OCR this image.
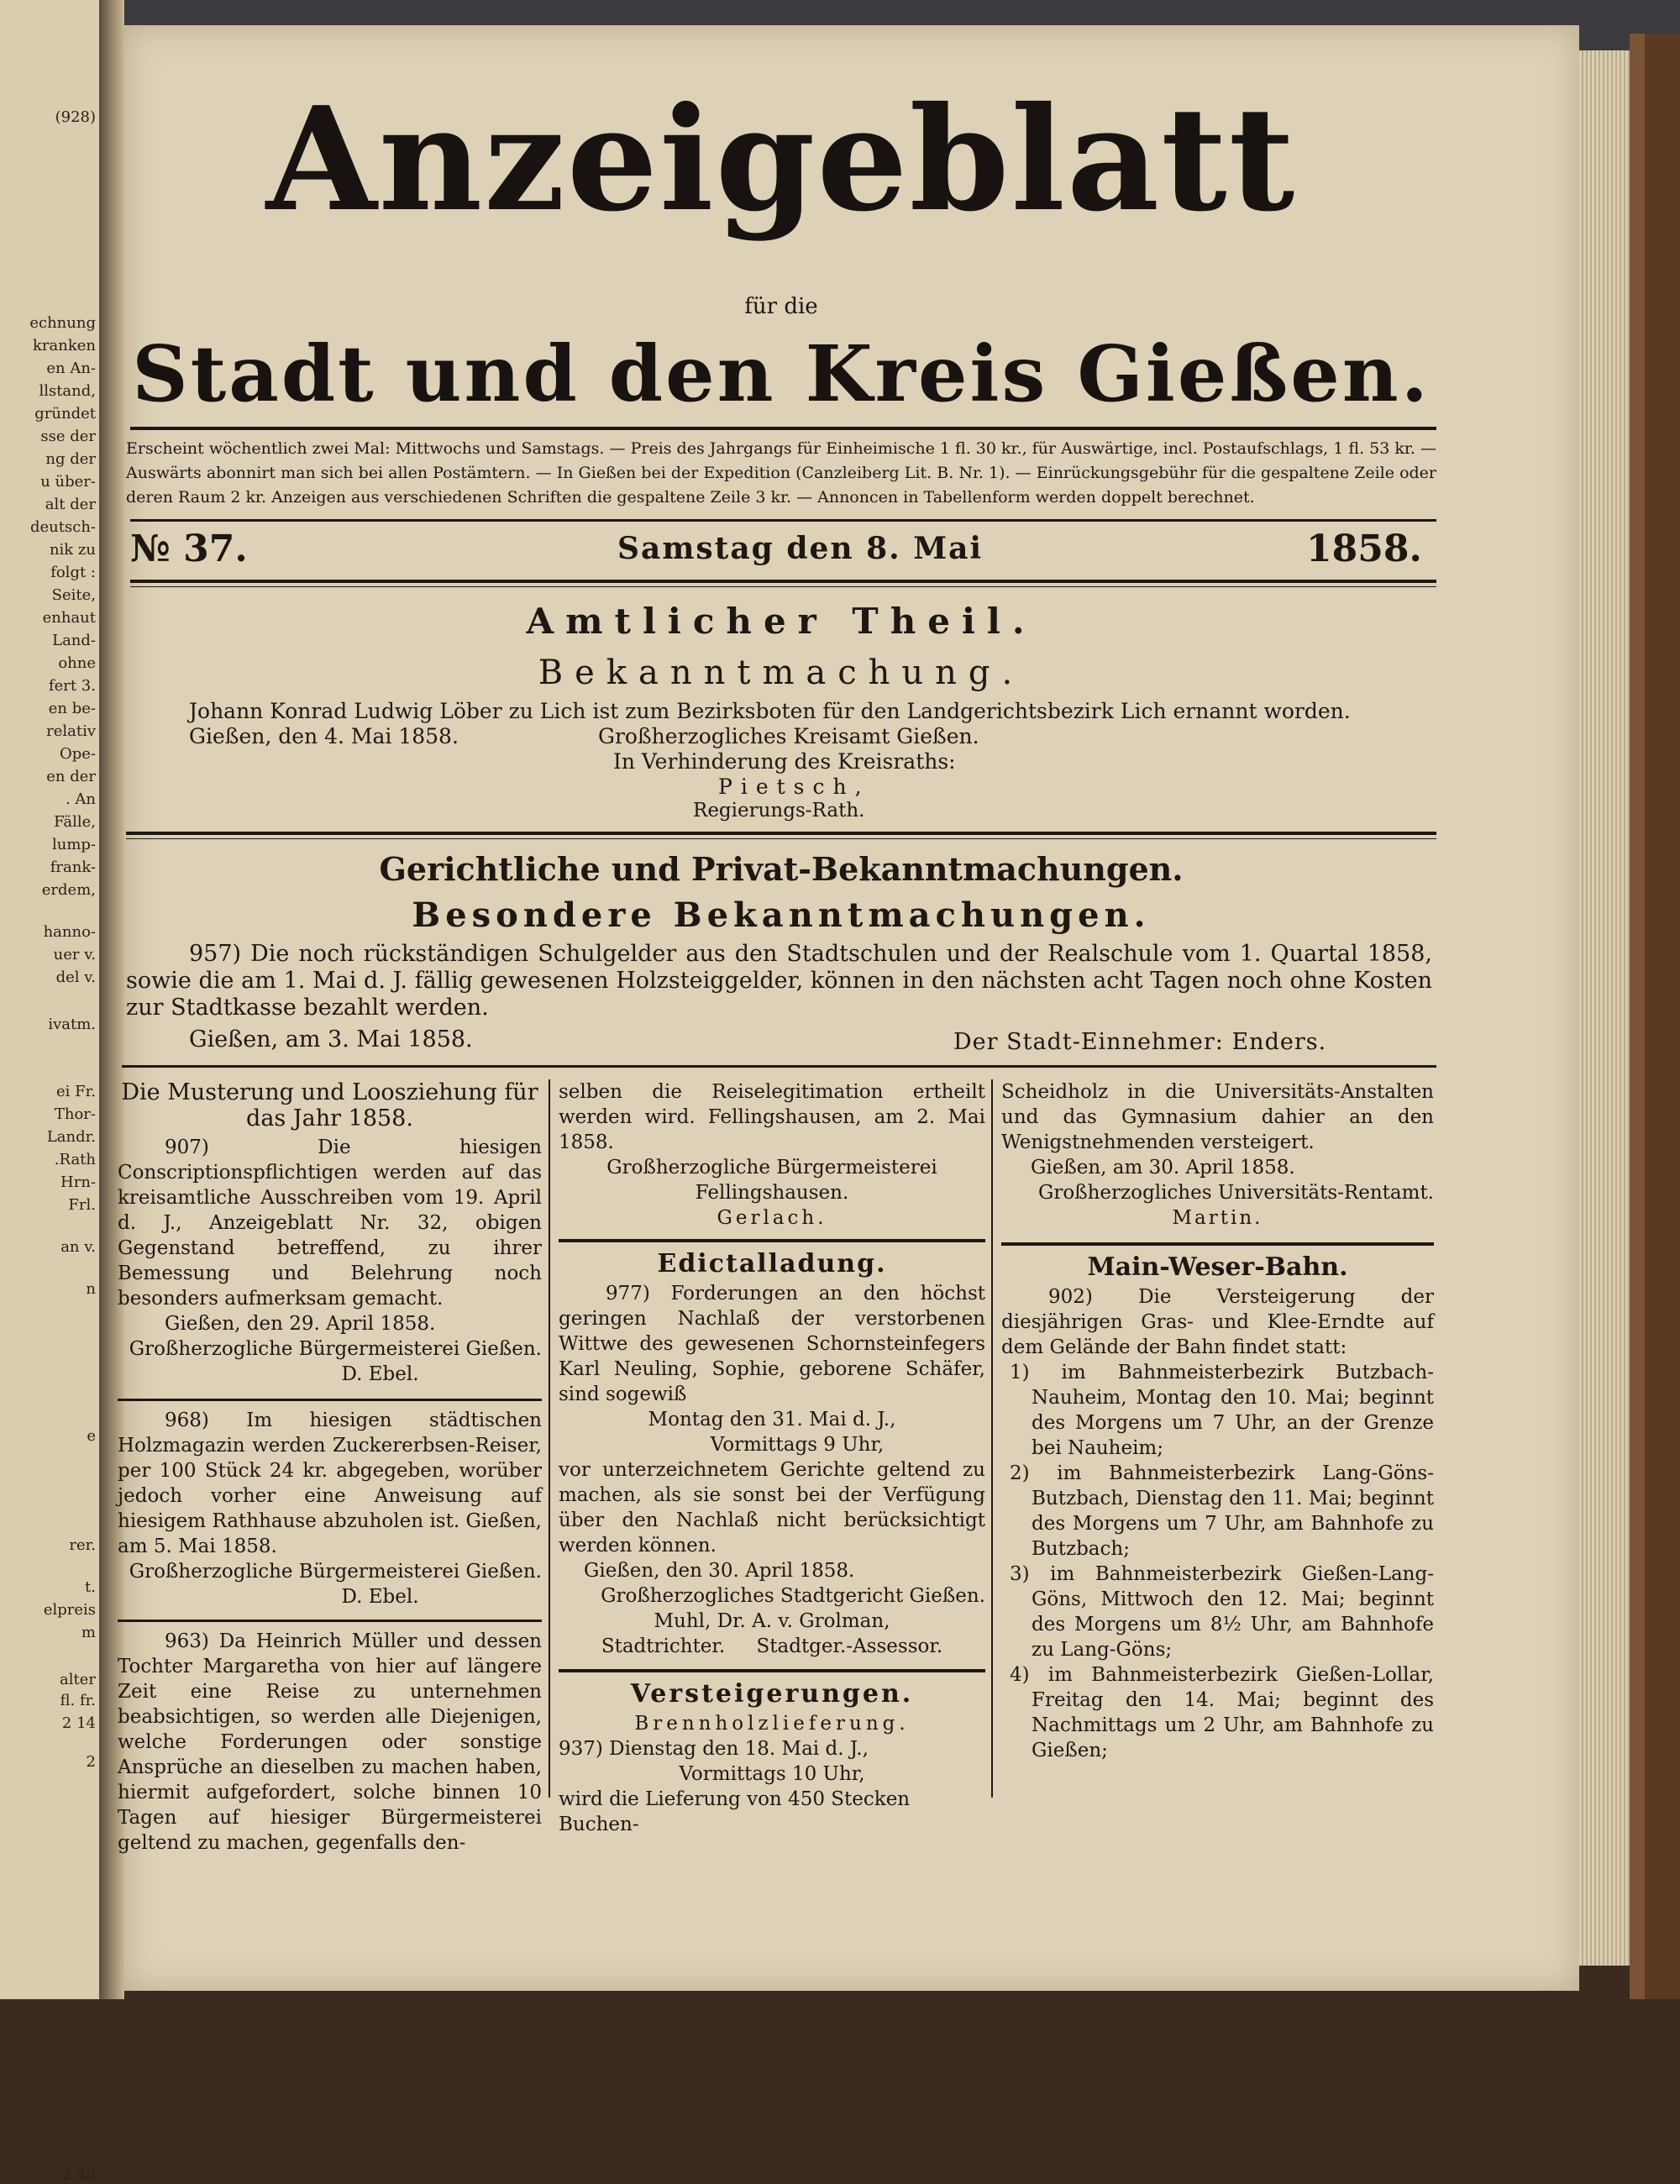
(928)
echnung
kranken
en An-
llstand,
gründet
sse der
ng der
u über-
alt der
deutsch-
nik zu
folgt :
Seite,
enhaut
Land-
ohne
fert 3.
en be-
relativ
Ope-
en der
. An
Fälle,
lump-
frank-
erdem,
hanno-
uer v.
del v.
ivatm.
ei Fr.
Thor-
Landr.
.Rath
Hrn-
Frl.
an v.
n
e
rer.
t.
elpreis
m
alter
fl. fr.
2 14
2
2 40
Anzeigeblatt
für die
Stadt und den Kreis Gießen.
Erscheint wöchentlich zwei Mal: Mittwochs und Samstags. — Preis des Jahrgangs für Einheimische 1 fl. 30 kr., für Auswärtige, incl. Postaufschlags, 1 fl. 53 kr. — Auswärts abonnirt man sich bei allen Postämtern. — In Gießen bei der Expedition (Canzleiberg Lit. B. Nr. 1). — Einrückungsgebühr für die gespaltene Zeile oder deren Raum 2 kr. Anzeigen aus verschiedenen Schriften die gespaltene Zeile 3 kr. — Annoncen in Tabellenform werden doppelt berechnet.
№ 37.	Samstag den 8. Mai	1858.
Amtlicher Theil.
Bekanntmachung.
Johann Konrad Ludwig Löber zu Lich ist zum Bezirksboten für den Landgerichtsbezirk Lich ernannt worden.
Gießen, den 4. Mai 1858.	Großherzogliches Kreisamt Gießen.
In Verhinderung des Kreisraths:
Pietsch,
Regierungs-Rath.
Gerichtliche und Privat-Bekanntmachungen.
Besondere Bekanntmachungen.
957) Die noch rückständigen Schulgelder aus den Stadtschulen und der Realschule vom 1. Quartal 1858, sowie die am 1. Mai d. J. fällig gewesenen Holzsteiggelder, können in den nächsten acht Tagen noch ohne Kosten zur Stadtkasse bezahlt werden.
Gießen, am 3. Mai 1858.	Der Stadt-Einnehmer: Enders.

Die Musterung und Loosziehung für das Jahr 1858.

907) Die hiesigen Conscriptionspflichtigen werden auf das kreisamtliche Ausschreiben vom 19. April d. J., Anzeigeblatt Nr. 32, obigen Gegenstand betreffend, zu ihrer Bemessung und Belehrung noch besonders aufmerksam gemacht.

Gießen, den 29. April 1858.

Großherzogliche Bürgermeisterei Gießen.

D. Ebel.

968) Im hiesigen städtischen Holzmagazin werden Zuckererbsen-Reiser, per 100 Stück 24 kr. abgegeben, worüber jedoch vorher eine Anweisung auf hiesigem Rathhause abzuholen ist. Gießen, am 5. Mai 1858.

Großherzogliche Bürgermeisterei Gießen.

D. Ebel.

963) Da Heinrich Müller und dessen Tochter Margaretha von hier auf längere Zeit eine Reise zu unternehmen beabsichtigen, so werden alle Diejenigen, welche Forderungen oder sonstige Ansprüche an dieselben zu machen haben, hiermit aufgefordert, solche binnen 10 Tagen auf hiesiger Bürgermeisterei geltend zu machen, gegenfalls den-

selben die Reiselegitimation ertheilt werden wird. Fellingshausen, am 2. Mai 1858.

Großherzogliche Bürgermeisterei Fellingshausen.

Gerlach.

Edictalladung.

977) Forderungen an den höchst geringen Nachlaß der verstorbenen Wittwe des gewesenen Schornsteinfegers Karl Neuling, Sophie, geborene Schäfer, sind sogewiß

Montag den 31. Mai d. J.,

Vormittags 9 Uhr,

vor unterzeichnetem Gerichte geltend zu machen, als sie sonst bei der Verfügung über den Nachlaß nicht berücksichtigt werden können.

Gießen, den 30. April 1858.

Großherzogliches Stadtgericht Gießen.

Muhl, Dr. A. v. Grolman,

Stadtrichter. Stadtger.-Assessor.

Versteigerungen.

Brennholzlieferung.

937) Dienstag den 18. Mai d. J.,

Vormittags 10 Uhr,

wird die Lieferung von 450 Stecken Buchen-

Scheidholz in die Universitäts-Anstalten und das Gymnasium dahier an den Wenigstnehmenden versteigert.

Gießen, am 30. April 1858.

Großherzogliches Universitäts-Rentamt.

Martin.

Main-Weser-Bahn.

902) Die Versteigerung der diesjährigen Gras- und Klee-Erndte auf dem Gelände der Bahn findet statt:

1) im Bahnmeisterbezirk Butzbach-Nauheim, Montag den 10. Mai; beginnt des Morgens um 7 Uhr, an der Grenze bei Nauheim;

2) im Bahnmeisterbezirk Lang-Göns-Butzbach, Dienstag den 11. Mai; beginnt des Morgens um 7 Uhr, am Bahnhofe zu Butzbach;

3) im Bahnmeisterbezirk Gießen-Lang-Göns, Mittwoch den 12. Mai; beginnt des Morgens um 8½ Uhr, am Bahnhofe zu Lang-Göns;

4) im Bahnmeisterbezirk Gießen-Lollar, Freitag den 14. Mai; beginnt des Nachmittags um 2 Uhr, am Bahnhofe zu Gießen;
